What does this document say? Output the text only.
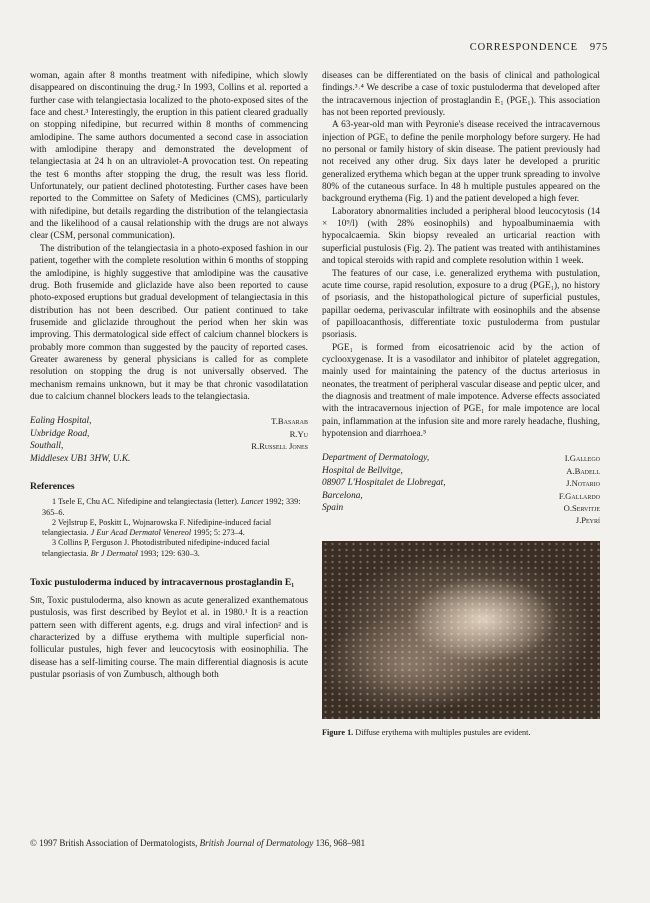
CORRESPONDENCE 975

woman, again after 8 months treatment with nifedipine, which slowly disappeared on discontinuing the drug.² In 1993, Collins et al. reported a further case with telangiectasia localized to the photo-exposed sites of the face and chest.³ Interestingly, the eruption in this patient cleared gradually on stopping nifedipine, but recurred within 8 months of commencing amlodipine. The same authors documented a second case in association with amlodipine therapy and demonstrated the development of telangiectasia at 24 h on an ultraviolet-A provocation test. On repeating the test 6 months after stopping the drug, the result was less florid. Unfortunately, our patient declined phototesting. Further cases have been reported to the Committee on Safety of Medicines (CMS), particularly with nifedipine, but details regarding the distribution of the telangiectasia and the likelihood of a causal relationship with the drugs are not always clear (CSM, personal communication).

The distribution of the telangiectasia in a photo-exposed fashion in our patient, together with the complete resolution within 6 months of stopping the amlodipine, is highly suggestive that amlodipine was the causative drug. Both frusemide and gliclazide have also been reported to cause photo-exposed eruptions but gradual development of telangiectasia in this distribution has not been described. Our patient continued to take frusemide and gliclazide throughout the period when her skin was improving. This dermatological side effect of calcium channel blockers is probably more common than suggested by the paucity of reported cases. Greater awareness by general physicians is called for as complete resolution on stopping the drug is not universally observed. The mechanism remains unknown, but it may be that chronic vasodilatation due to calcium channel blockers leads to the telangiectasia.

Ealing Hospital,
Uxbridge Road,
Southall,
Middlesex UB1 3HW, U.K.
T.Basarab
R.Yu
R.Russell Jones
References

1 Tsele E, Chu AC. Nifedipine and telangiectasia (letter). Lancet 1992; 339: 365–6.

2 Vejlstrup E, Poskitt L, Wojnarowska F. Nifedipine-induced facial telangiectasia. J Eur Acad Dermatol Venereol 1995; 5: 273–4.

3 Collins P, Ferguson J. Photodistributed nifedipine-induced facial telangiectasia. Br J Dermatol 1993; 129: 630–3.

Toxic pustuloderma induced by intracavernous prostaglandin E₁

Sir, Toxic pustuloderma, also known as acute generalized exanthematous pustulosis, was first described by Beylot et al. in 1980.¹ It is a reaction pattern seen with different agents, e.g. drugs and viral infection² and is characterized by a diffuse erythema with multiple superficial non-follicular pustules, high fever and leucocytosis with eosinophilia. The disease has a self-limiting course. The main differential diagnosis is acute pustular psoriasis of von Zumbusch, although both

diseases can be differentiated on the basis of clinical and pathological findings.³˒⁴ We describe a case of toxic pustuloderma that developed after the intracavernous injection of prostaglandin E₁ (PGE₁). This association has not been reported previously.

A 63-year-old man with Peyronie's disease received the intracavernous injection of PGE₁ to define the penile morphology before surgery. He had no personal or family history of skin disease. The patient previously had not received any other drug. Six days later he developed a pruritic generalized erythema which began at the upper trunk spreading to involve 80% of the cutaneous surface. In 48 h multiple pustules appeared on the background erythema (Fig. 1) and the patient developed a high fever.

Laboratory abnormalities included a peripheral blood leucocytosis (14 × 10⁹/l) (with 28% eosinophils) and hypoalbuminaemia with hypocalcaemia. Skin biopsy revealed an urticarial reaction with superficial pustulosis (Fig. 2). The patient was treated with antihistamines and topical steroids with rapid and complete resolution within 1 week.

The features of our case, i.e. generalized erythema with pustulation, acute time course, rapid resolution, exposure to a drug (PGE₁), no history of psoriasis, and the histopathological picture of superficial pustules, papillar oedema, perivascular infiltrate with eosinophils and the absense of papilloacanthosis, differentiate toxic pustuloderma from pustular psoriasis.

PGE₁ is formed from eicosatrienoic acid by the action of cyclooxygenase. It is a vasodilator and inhibitor of platelet aggregation, mainly used for maintaining the patency of the ductus arteriosus in neonates, the treatment of peripheral vascular disease and peptic ulcer, and the diagnosis and treatment of male impotence. Adverse effects associated with the intracavernous injection of PGE₁ for male impotence are local pain, inflammation at the infusion site and more rarely headache, flushing, hypotension and diarrhoea.⁵

Department of Dermatology,
Hospital de Bellvitge,
08907 L'Hospitalet de Llobregat,
Barcelona,
Spain
I.Gallego
A.Badell
J.Notario
F.Gallardo
O.Servitje
J.Peyrí
Figure 1. Diffuse erythema with multiples pustules are evident.
© 1997 British Association of Dermatologists, British Journal of Dermatology 136, 968–981
